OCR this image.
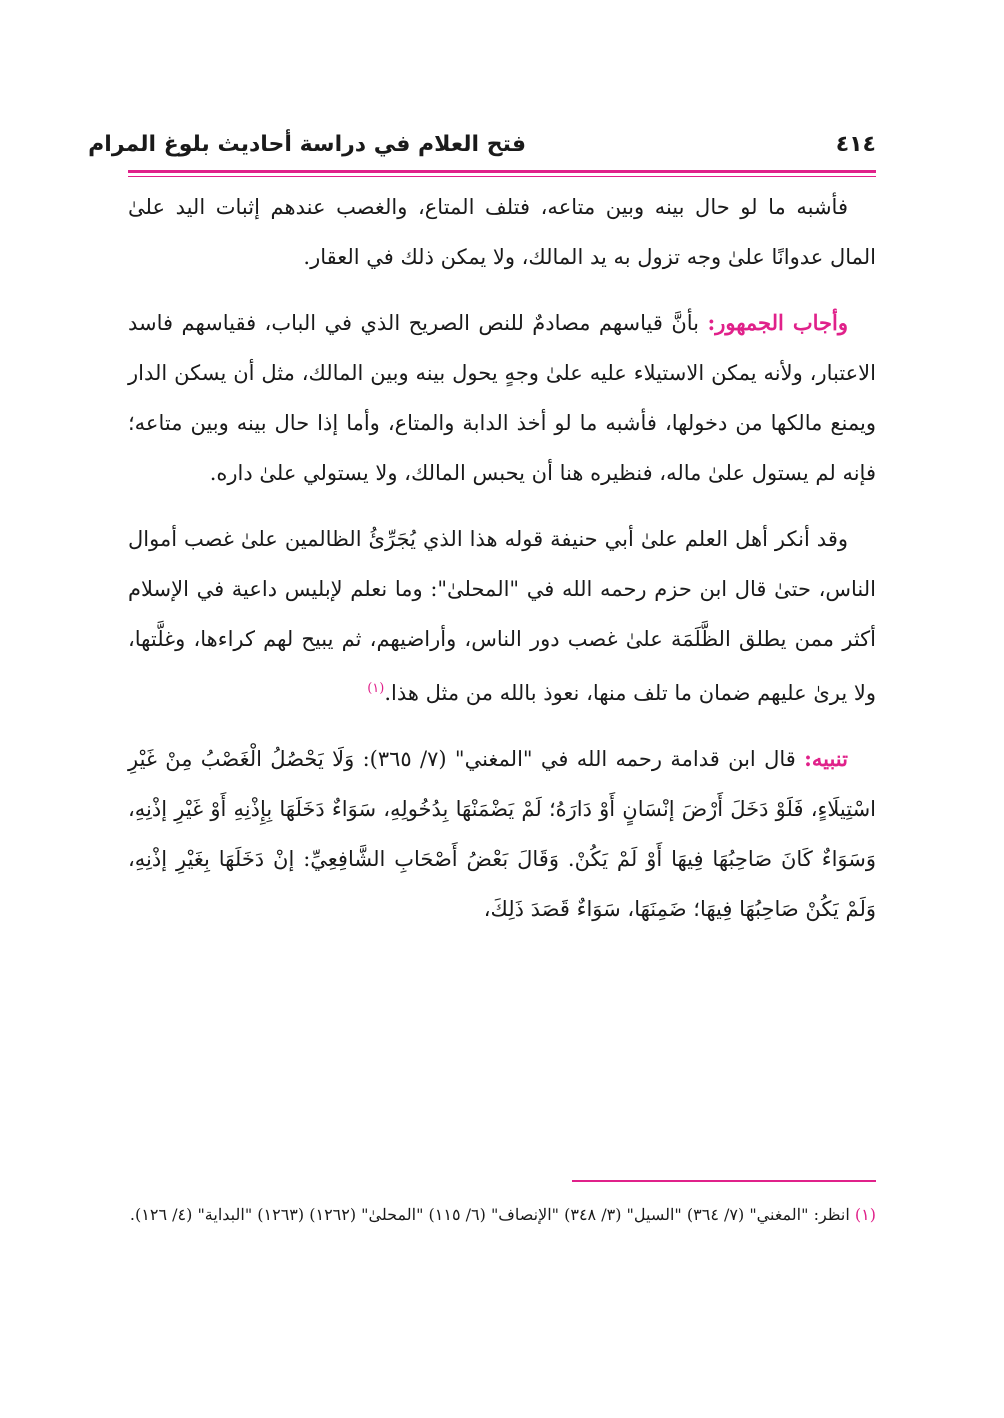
٤١٤
فتح العلام في دراسة أحاديث بلوغ المرام

فأشبه ما لو حال بينه وبين متاعه، فتلف المتاع، والغصب عندهم إثبات اليد علىٰ المال عدوانًا علىٰ وجه تزول به يد المالك، ولا يمكن ذلك في العقار.

وأجاب الجمهور: بأنَّ قياسهم مصادمٌ للنص الصريح الذي في الباب، فقياسهم فاسد الاعتبار، ولأنه يمكن الاستيلاء عليه علىٰ وجهٍ يحول بينه وبين المالك، مثل أن يسكن الدار ويمنع مالكها من دخولها، فأشبه ما لو أخذ الدابة والمتاع، وأما إذا حال بينه وبين متاعه؛ فإنه لم يستول علىٰ ماله، فنظيره هنا أن يحبس المالك، ولا يستولي علىٰ داره.

وقد أنكر أهل العلم علىٰ أبي حنيفة قوله هذا الذي يُجَرِّئُ الظالمين علىٰ غصب أموال الناس، حتىٰ قال ابن حزم رحمه الله في "المحلىٰ": وما نعلم لإبليس داعية في الإسلام أكثر ممن يطلق الظَّلَمَة علىٰ غصب دور الناس، وأراضيهم، ثم يبيح لهم كراءها، وغلَّتها، ولا يرىٰ عليهم ضمان ما تلف منها، نعوذ بالله من مثل هذا.$^{(١)}$

تنبيه: قال ابن قدامة رحمه الله في "المغني" (٧/ ٣٦٥): وَلَا يَحْصُلُ الْغَصْبُ مِنْ غَيْرِ اسْتِيلَاءٍ، فَلَوْ دَخَلَ أَرْضَ إنْسَانٍ أَوْ دَارَهُ؛ لَمْ يَضْمَنْهَا بِدُخُولِهِ، سَوَاءٌ دَخَلَهَا بِإِذْنِهِ أَوْ غَيْرِ إذْنِهِ، وَسَوَاءٌ كَانَ صَاحِبُهَا فِيهَا أَوْ لَمْ يَكُنْ. وَقَالَ بَعْضُ أَصْحَابِ الشَّافِعِيِّ: إنْ دَخَلَهَا بِغَيْرِ إذْنِهِ، وَلَمْ يَكُنْ صَاحِبُهَا فِيهَا؛ ضَمِنَهَا، سَوَاءٌ قَصَدَ ذَلِكَ،

(١) انظر: "المغني" (٧/ ٣٦٤) "السيل" (٣/ ٣٤٨) "الإنصاف" (٦/ ١١٥) "المحلىٰ" (١٢٦٢) (١٢٦٣) "البداية" (٤/ ١٢٦).
